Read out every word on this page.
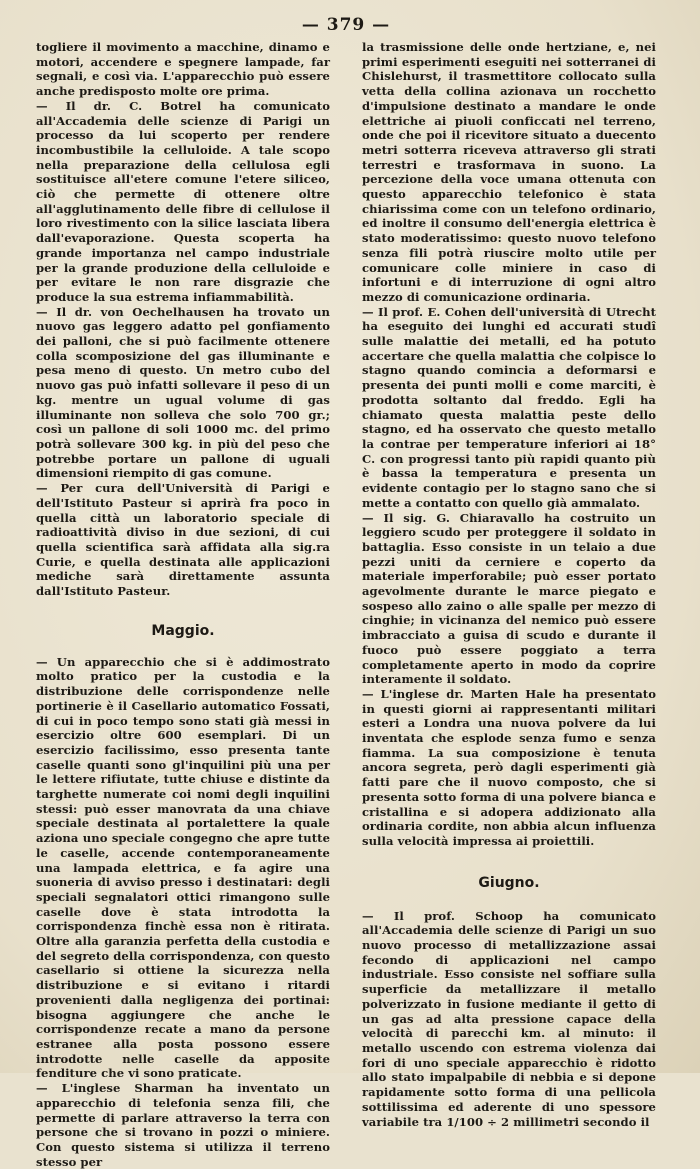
— 379 —

togliere il movimento a macchine, dinamo e motori, accendere e spegnere lampade, far segnali, e così via. L'apparecchio può essere anche predisposto molte ore prima.

— Il dr. C. Botrel ha comunicato all'Accademia delle scienze di Parigi un processo da lui scoperto per rendere incombustibile la celluloide. A tale scopo nella preparazione della cellulosa egli sostituisce all'etere comune l'etere siliceo, ciò che permette di ottenere oltre all'agglutinamento delle fibre di cellulose il loro rivestimento con la silice lasciata libera dall'evaporazione. Questa scoperta ha grande importanza nel campo industriale per la grande produzione della celluloide e per evitare le non rare disgrazie che produce la sua estrema infiammabilità.

— Il dr. von Oechelhausen ha trovato un nuovo gas leggero adatto pel gonfiamento dei palloni, che si può facilmente ottenere colla scomposizione del gas illuminante e pesa meno di questo. Un metro cubo del nuovo gas può infatti sollevare il peso di un kg. mentre un ugual volume di gas illuminante non solleva che solo 700 gr.; così un pallone di soli 1000 mc. del primo potrà sollevare 300 kg. in più del peso che potrebbe portare un pallone di uguali dimensioni riempito di gas comune.

— Per cura dell'Università di Parigi e dell'Istituto Pasteur si aprirà fra poco in quella città un laboratorio speciale di radioattività diviso in due sezioni, di cui quella scientifica sarà affidata alla sig.ra Curie, e quella destinata alle applicazioni mediche sarà direttamente assunta dall'Istituto Pasteur.

Maggio.

— Un apparecchio che si è addimostrato molto pratico per la custodia e la distribuzione delle corrispondenze nelle portinerie è il Casellario automatico Fossati, di cui in poco tempo sono stati già messi in esercizio oltre 600 esemplari. Di un esercizio facilissimo, esso presenta tante caselle quanti sono gl'inquilini più una per le lettere rifiutate, tutte chiuse e distinte da targhette numerate coi nomi degli inquilini stessi: può esser manovrata da una chiave speciale destinata al portalettere la quale aziona uno speciale congegno che apre tutte le caselle, accende contemporaneamente una lampada elettrica, e fa agire una suoneria di avviso presso i destinatari: degli speciali segnalatori ottici rimangono sulle caselle dove è stata introdotta la corrispondenza finchè essa non è ritirata. Oltre alla garanzia perfetta della custodia e del segreto della corrispondenza, con questo casellario si ottiene la sicurezza nella distribuzione e si evitano i ritardi provenienti dalla negligenza dei portinai: bisogna aggiungere che anche le corrispondenze recate a mano da persone estranee alla posta possono essere introdotte nelle caselle da apposite fenditure che vi sono praticate.

— L'inglese Sharman ha inventato un apparecchio di telefonia senza fili, che permette di parlare attraverso la terra con persone che si trovano in pozzi o miniere. Con questo sistema si utilizza il terreno stesso per

la trasmissione delle onde hertziane, e, nei primi esperimenti eseguiti nei sotterranei di Chislehurst, il trasmettitore collocato sulla vetta della collina azionava un rocchetto d'impulsione destinato a mandare le onde elettriche ai piuoli conficcati nel terreno, onde che poi il ricevitore situato a duecento metri sotterra riceveva attraverso gli strati terrestri e trasformava in suono. La percezione della voce umana ottenuta con questo apparecchio telefonico è stata chiarissima come con un telefono ordinario, ed inoltre il consumo dell'energia elettrica è stato moderatissimo: questo nuovo telefono senza fili potrà riuscire molto utile per comunicare colle miniere in caso di infortuni e di interruzione di ogni altro mezzo di comunicazione ordinaria.

— Il prof. E. Cohen dell'università di Utrecht ha eseguito dei lunghi ed accurati studî sulle malattie dei metalli, ed ha potuto accertare che quella malattia che colpisce lo stagno quando comincia a deformarsi e presenta dei punti molli e come marciti, è prodotta soltanto dal freddo. Egli ha chiamato questa malattia peste dello stagno, ed ha osservato che questo metallo la contrae per temperature inferiori ai 18° C. con progressi tanto più rapidi quanto più è bassa la temperatura e presenta un evidente contagio per lo stagno sano che si mette a contatto con quello già ammalato.

— Il sig. G. Chiaravallo ha costruito un leggiero scudo per proteggere il soldato in battaglia. Esso consiste in un telaio a due pezzi uniti da cerniere e coperto da materiale imperforabile; può esser portato agevolmente durante le marce piegato e sospeso allo zaino o alle spalle per mezzo di cinghie; in vicinanza del nemico può essere imbracciato a guisa di scudo e durante il fuoco può essere poggiato a terra completamente aperto in modo da coprire interamente il soldato.

— L'inglese dr. Marten Hale ha presentato in questi giorni ai rappresentanti militari esteri a Londra una nuova polvere da lui inventata che esplode senza fumo e senza fiamma. La sua composizione è tenuta ancora segreta, però dagli esperimenti già fatti pare che il nuovo composto, che si presenta sotto forma di una polvere bianca e cristallina e si adopera addizionato alla ordinaria cordite, non abbia alcun influenza sulla velocità impressa ai proiettili.

Giugno.

— Il prof. Schoop ha comunicato all'Accademia delle scienze di Parigi un suo nuovo processo di metallizzazione assai fecondo di applicazioni nel campo industriale. Esso consiste nel soffiare sulla superficie da metallizzare il metallo polverizzato in fusione mediante il getto di un gas ad alta pressione capace della velocità di parecchi km. al minuto: il metallo uscendo con estrema violenza dai fori di uno speciale apparecchio è ridotto allo stato impalpabile di nebbia e si depone rapidamente sotto forma di una pellicola sottilissima ed aderente di uno spessore variabile tra 1/100 ÷ 2 millimetri secondo il
